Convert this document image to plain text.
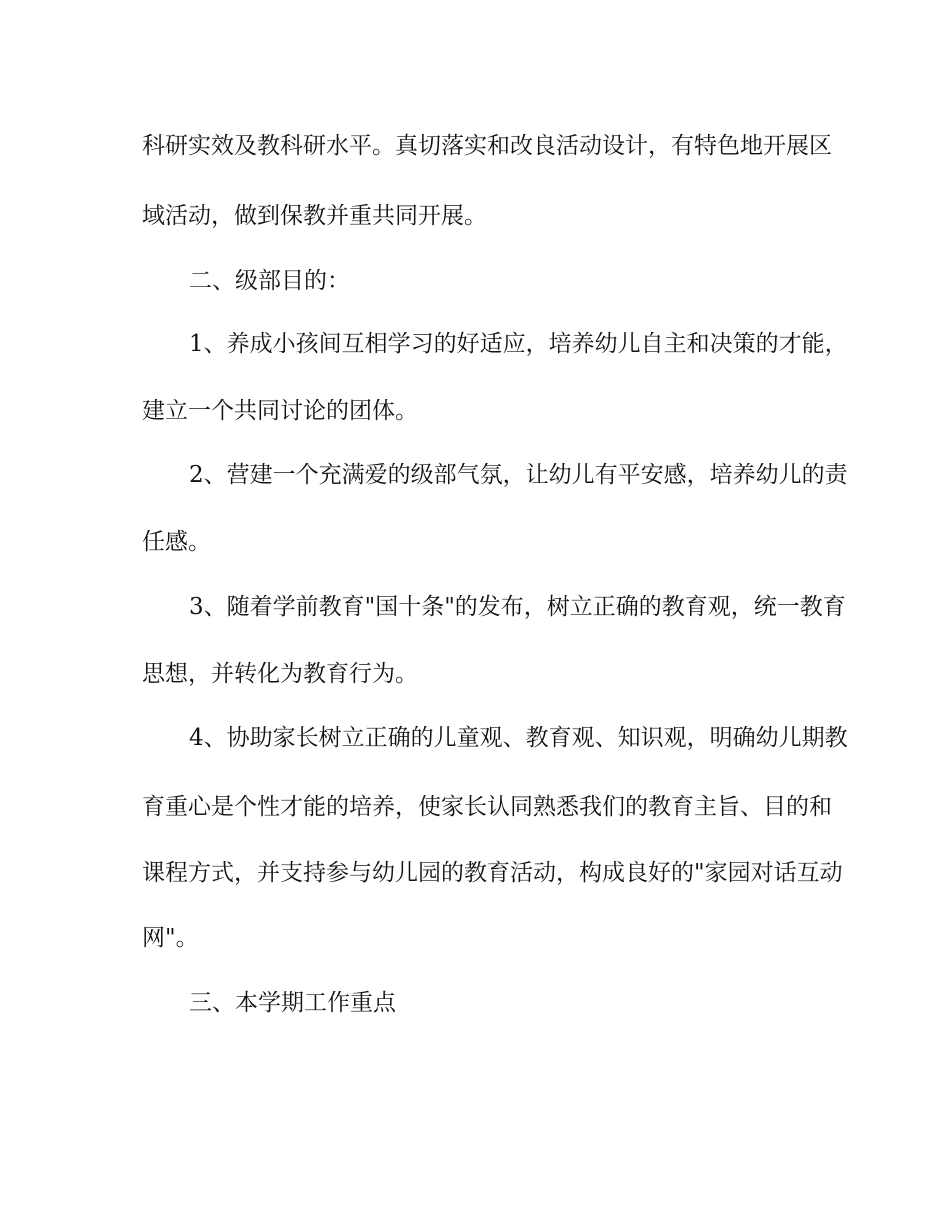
科研实效及教科研水平。真切落实和改良活动设计，有特色地开展区

域活动，做到保教并重共同开展。

二、级部目的：

1、养成小孩间互相学习的好适应，培养幼儿自主和决策的才能，

建立一个共同讨论的团体。

2、营建一个充满爱的级部气氛，让幼儿有平安感，培养幼儿的责

任感。

3、随着学前教育"国十条"的发布，树立正确的教育观，统一教育

思想，并转化为教育行为。

4、协助家长树立正确的儿童观、教育观、知识观，明确幼儿期教

育重心是个性才能的培养，使家长认同熟悉我们的教育主旨、目的和

课程方式，并支持参与幼儿园的教育活动，构成良好的"家园对话互动

网"。

三、本学期工作重点
